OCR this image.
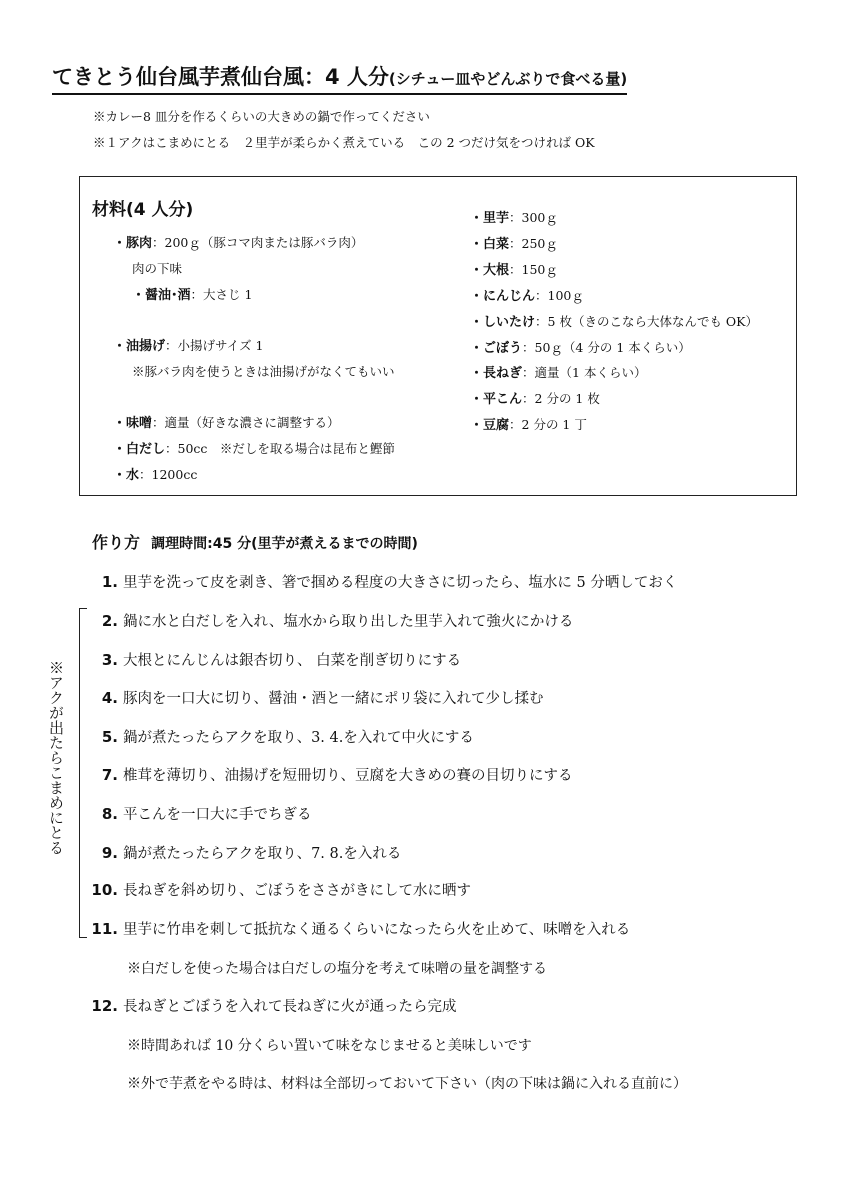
てきとう仙台風芋煮仙台風：4 人分(シチュー皿やどんぶりで食べる量)
※カレー8 皿分を作るくらいの大きめの鍋で作ってください
※１アクはこまめにとる　２里芋が柔らかく煮えている　この 2 つだけ気をつければ OK
材料(4 人分)
・豚肉：200ｇ（豚コマ肉または豚バラ肉）
肉の下味
・醤油･酒：大さじ 1
・油揚げ：小揚げサイズ 1
※豚バラ肉を使うときは油揚げがなくてもいい
・味噌：適量（好きな濃さに調整する）
・白だし：50cc　※だしを取る場合は昆布と鰹節
・水：1200cc
・里芋：300ｇ
・白菜：250ｇ
・大根：150ｇ
・にんじん：100ｇ
・しいたけ：5 枚（きのこなら大体なんでも OK）
・ごぼう：50ｇ（4 分の 1 本くらい）
・長ねぎ：適量（1 本くらい）
・平こん：2 分の 1 枚
・豆腐：2 分の 1 丁
作り方 調理時間:45 分(里芋が煮えるまでの時間)
1. 里芋を洗って皮を剥き、箸で掴める程度の大きさに切ったら、塩水に 5 分晒しておく
2. 鍋に水と白だしを入れ、塩水から取り出した里芋入れて強火にかける
3. 大根とにんじんは銀杏切り、 白菜を削ぎ切りにする
4. 豚肉を一口大に切り、醤油・酒と一緒にポリ袋に入れて少し揉む
5. 鍋が煮たったらアクを取り、3. 4.を入れて中火にする
7. 椎茸を薄切り、油揚げを短冊切り、豆腐を大きめの賽の目切りにする
8. 平こんを一口大に手でちぎる
9. 鍋が煮たったらアクを取り、7. 8.を入れる
10. 長ねぎを斜め切り、ごぼうをささがきにして水に晒す
11. 里芋に竹串を刺して抵抗なく通るくらいになったら火を止めて、味噌を入れる
※白だしを使った場合は白だしの塩分を考えて味噌の量を調整する
12. 長ねぎとごぼうを入れて長ねぎに火が通ったら完成
※時間あれば 10 分くらい置いて味をなじませると美味しいです
※外で芋煮をやる時は、材料は全部切っておいて下さい（肉の下味は鍋に入れる直前に）
※アクが出たらこまめにとる
